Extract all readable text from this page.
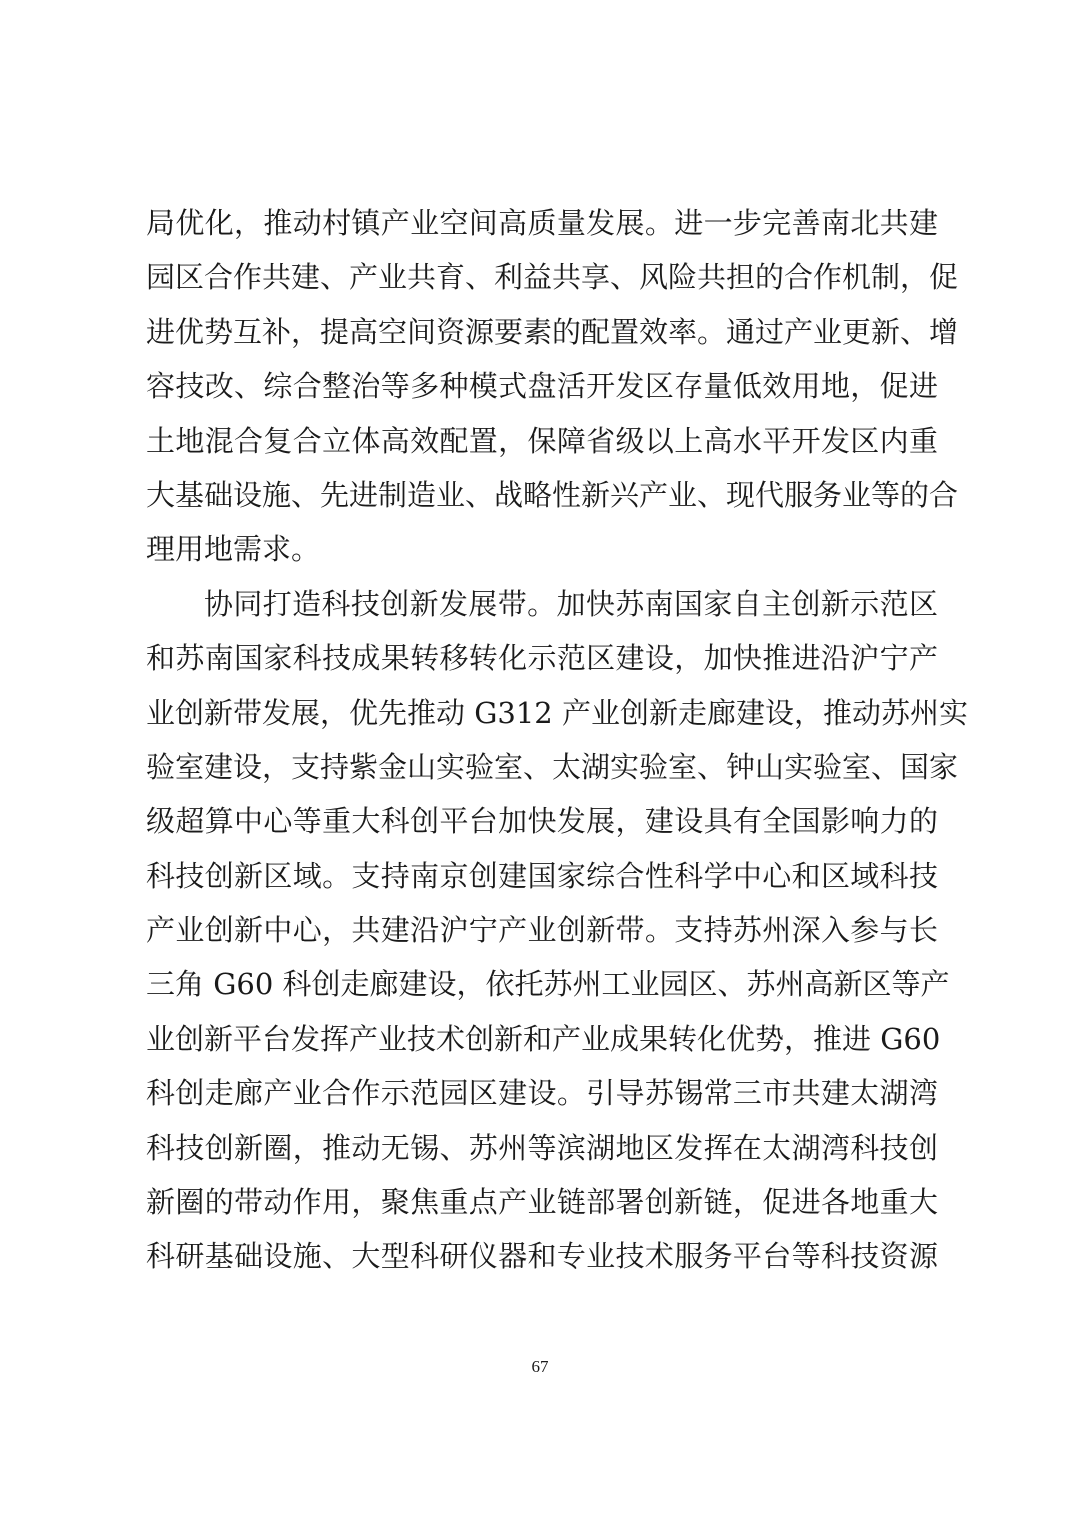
局优化，推动村镇产业空间高质量发展。进一步完善南北共建
园区合作共建、产业共育、利益共享、风险共担的合作机制，促
进优势互补，提高空间资源要素的配置效率。通过产业更新、增
容技改、综合整治等多种模式盘活开发区存量低效用地，促进
土地混合复合立体高效配置，保障省级以上高水平开发区内重
大基础设施、先进制造业、战略性新兴产业、现代服务业等的合
理用地需求。
协同打造科技创新发展带。加快苏南国家自主创新示范区
和苏南国家科技成果转移转化示范区建设，加快推进沿沪宁产
业创新带发展，优先推动 G312 产业创新走廊建设，推动苏州实
验室建设，支持紫金山实验室、太湖实验室、钟山实验室、国家
级超算中心等重大科创平台加快发展，建设具有全国影响力的
科技创新区域。支持南京创建国家综合性科学中心和区域科技
产业创新中心，共建沿沪宁产业创新带。支持苏州深入参与长
三角 G60 科创走廊建设，依托苏州工业园区、苏州高新区等产
业创新平台发挥产业技术创新和产业成果转化优势，推进 G60
科创走廊产业合作示范园区建设。引导苏锡常三市共建太湖湾
科技创新圈，推动无锡、苏州等滨湖地区发挥在太湖湾科技创
新圈的带动作用，聚焦重点产业链部署创新链，促进各地重大
科研基础设施、大型科研仪器和专业技术服务平台等科技资源
67
